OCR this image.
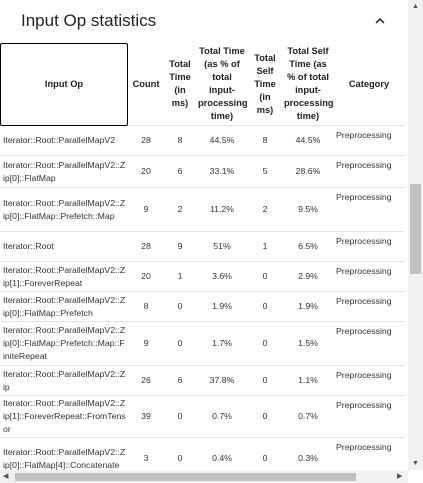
Input Op statistics
Input Op	Count	Total Time (in ms)	Total Time (as % of total input-processing time)	Total Self Time (in ms)	Total Self Time (as % of total input-processing time)	Category
Iterator::Root::ParallelMapV2	28	8	44.5%	8	44.5%	Preprocessing
Iterator::Root::ParallelMapV2::Zip[0]::FlatMap	20	6	33.1%	5	28.6%	Preprocessing
Iterator::Root::ParallelMapV2::Zip[0]::FlatMap::Prefetch::Map	9	2	11.2%	2	9.5%	Preprocessing
Iterator::Root	28	9	51%	1	6.5%	Preprocessing
Iterator::Root::ParallelMapV2::Zip[1]::ForeverRepeat	20	1	3.6%	0	2.9%	Preprocessing
Iterator::Root::ParallelMapV2::Zip[0]::FlatMap::Prefetch	8	0	1.9%	0	1.9%	Preprocessing
Iterator::Root::ParallelMapV2::Zip[0]::FlatMap::Prefetch::Map::FiniteRepeat	9	0	1.7%	0	1.5%	Preprocessing
Iterator::Root::ParallelMapV2::Zip	26	6	37.8%	0	1.1%	Preprocessing
Iterator::Root::ParallelMapV2::Zip[1]::ForeverRepeat::FromTensor	39	0	0.7%	0	0.7%	Preprocessing
Iterator::Root::ParallelMapV2::Zip[0]::FlatMap[4]::Concatenate	3	0	0.4%	0	0.3%	Preprocessing
▲
▼
◀	▶
